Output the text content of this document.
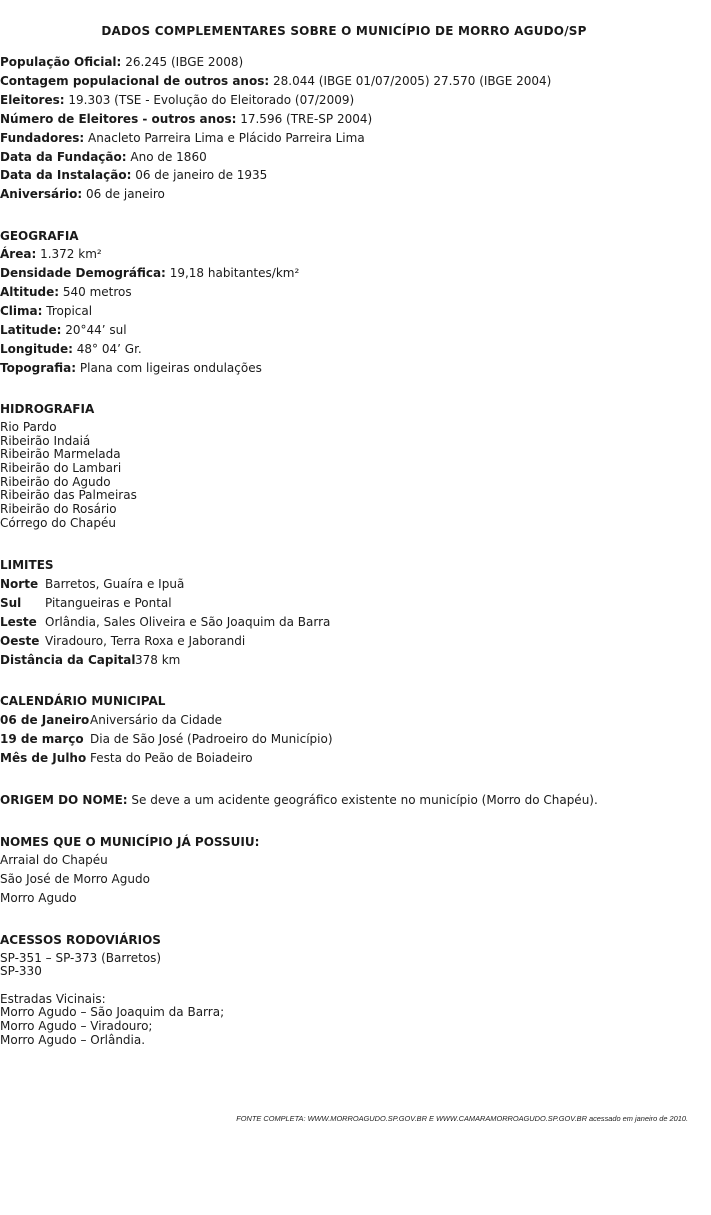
DADOS COMPLEMENTARES SOBRE O MUNICÍPIO DE MORRO AGUDO/SP
População Oficial: 26.245 (IBGE 2008)
Contagem populacional de outros anos: 28.044 (IBGE 01/07/2005) 27.570 (IBGE 2004)
Eleitores: 19.303 (TSE - Evolução do Eleitorado (07/2009)
Número de Eleitores - outros anos: 17.596 (TRE-SP 2004)
Fundadores: Anacleto Parreira Lima e Plácido Parreira Lima
Data da Fundação: Ano de 1860
Data da Instalação: 06 de janeiro de 1935
Aniversário: 06 de janeiro
GEOGRAFIA
Área: 1.372 km²
Densidade Demográfica: 19,18 habitantes/km²
Altitude: 540 metros
Clima: Tropical
Latitude: 20°44’ sul
Longitude: 48° 04’ Gr.
Topografia: Plana com ligeiras ondulações
HIDROGRAFIA
Rio Pardo
Ribeirão Indaiá
Ribeirão Marmelada
Ribeirão do Lambari
Ribeirão do Agudo
Ribeirão das Palmeiras
Ribeirão do Rosário
Córrego do Chapéu
LIMITES
Norte Barretos, Guaíra e Ipuã
Sul Pitangueiras e Pontal
Leste Orlândia, Sales Oliveira e São Joaquim da Barra
Oeste Viradouro, Terra Roxa e Jaborandi
Distância da Capital378 km
CALENDÁRIO MUNICIPAL
06 de JaneiroAniversário da Cidade
19 de março Dia de São José (Padroeiro do Município)
Mês de Julho Festa do Peão de Boiadeiro
ORIGEM DO NOME: Se deve a um acidente geográfico existente no município (Morro do Chapéu).
NOMES QUE O MUNICÍPIO JÁ POSSUIU:
Arraial do Chapéu
São José de Morro Agudo
Morro Agudo
ACESSOS RODOVIÁRIOS
SP-351 – SP-373 (Barretos)
SP-330
Estradas Vicinais:
Morro Agudo – São Joaquim da Barra;
Morro Agudo – Viradouro;
Morro Agudo – Orlândia.
FONTE COMPLETA: WWW.MORROAGUDO.SP.GOV.BR E WWW.CAMARAMORROAGUDO.SP.GOV.BR acessado em janeiro de 2010.
